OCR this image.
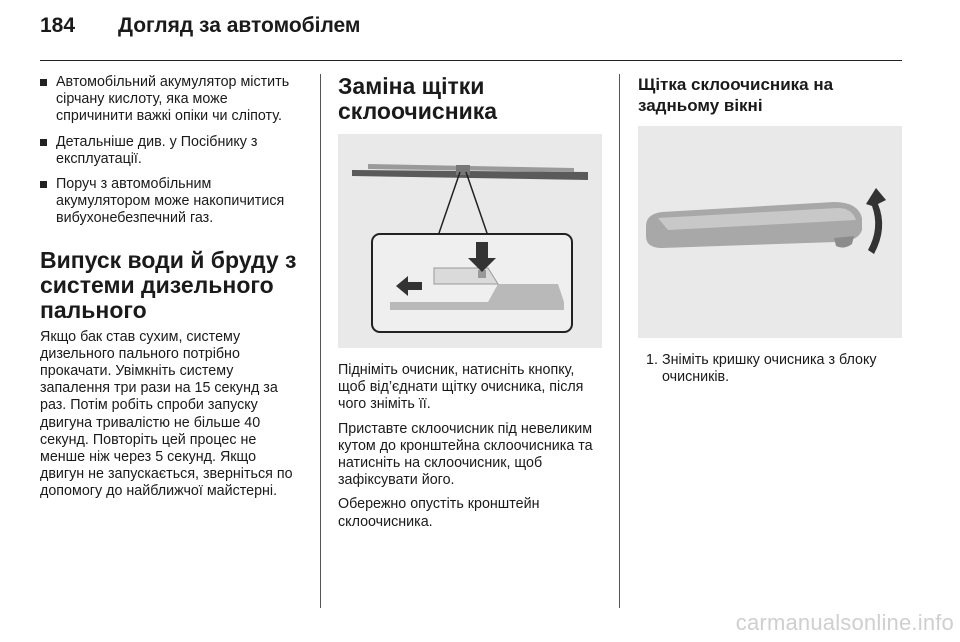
184	Догляд за автомобілем
Автомобільний акумулятор містить сірчану кислоту, яка може спричинити важкі опіки чи сліпоту.
Детальніше див. у Посібнику з експлуатації.
Поруч з автомобільним акумулятором може накопичитися вибухонебезпечний газ.
Випуск води й бруду з системи дизельного пального

Якщо бак став сухим, систему дизельного пального потрібно прокачати. Увімкніть систему запалення три рази на 15 секунд за раз. Потім робіть спроби запуску двигуна тривалістю не більше 40 секунд. Повторіть цей процес не менше ніж через 5 секунд. Якщо двигун не запускається, зверніться по допомогу до найближчої майстерні.

Заміна щітки склоочисника

Підніміть очисник, натисніть кнопку, щоб від’єднати щітку очисника, після чого зніміть її.

Приставте склоочисник під невеликим кутом до кронштейна склоочисника та натисніть на склоочисник, щоб зафіксувати його.

Обережно опустіть кронштейн склоочисника.

Щітка склоочисника на задньому вікні
1. Зніміть кришку очисника з блоку очисників.
carmanualsonline.info
